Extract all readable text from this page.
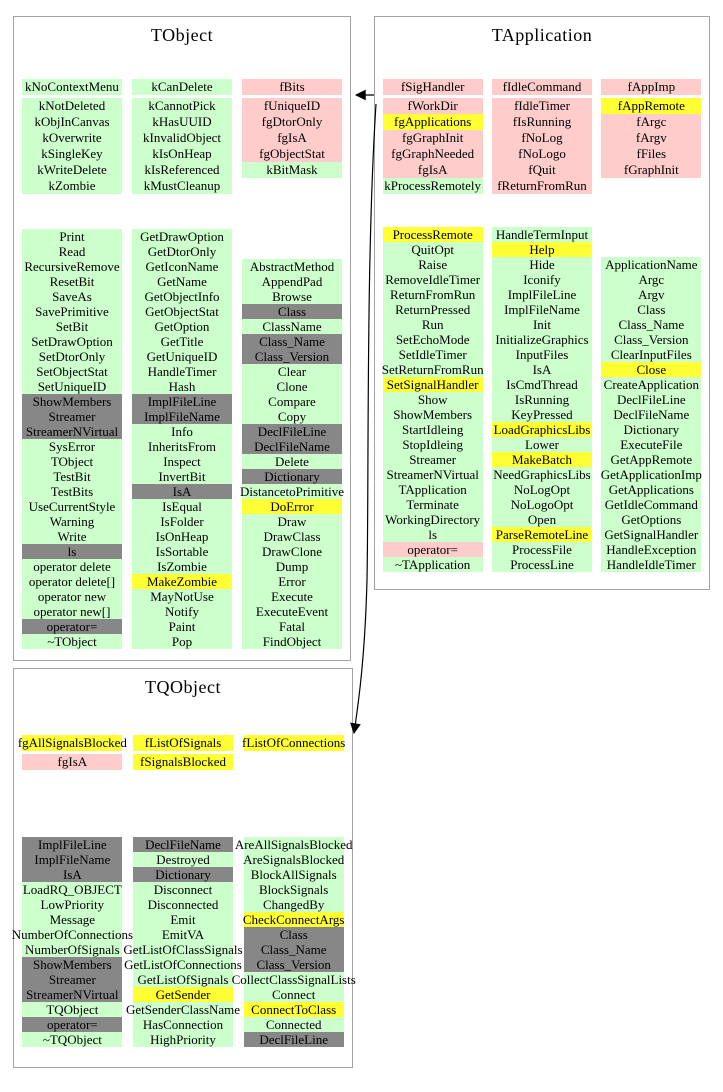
TObject
kNoContextMenu
kNotDeleted
kObjInCanvas
kOverwrite
kSingleKey
kWriteDelete
kZombie
kCanDelete
kCannotPick
kHasUUID
kInvalidObject
kIsOnHeap
kIsReferenced
kMustCleanup
fBits
fUniqueID
fgDtorOnly
fgIsA
fgObjectStat
kBitMask
Print
Read
RecursiveRemove
ResetBit
SaveAs
SavePrimitive
SetBit
SetDrawOption
SetDtorOnly
SetObjectStat
SetUniqueID
ShowMembers
Streamer
StreamerNVirtual
SysError
TObject
TestBit
TestBits
UseCurrentStyle
Warning
Write
ls
operator delete
operator delete[]
operator new
operator new[]
operator=
~TObject
GetDrawOption
GetDtorOnly
GetIconName
GetName
GetObjectInfo
GetObjectStat
GetOption
GetTitle
GetUniqueID
HandleTimer
Hash
ImplFileLine
ImplFileName
Info
InheritsFrom
Inspect
InvertBit
IsA
IsEqual
IsFolder
IsOnHeap
IsSortable
IsZombie
MakeZombie
MayNotUse
Notify
Paint
Pop
AbstractMethod
AppendPad
Browse
Class
ClassName
Class_Name
Class_Version
Clear
Clone
Compare
Copy
DeclFileLine
DeclFileName
Delete
Dictionary
DistancetoPrimitive
DoError
Draw
DrawClass
DrawClone
Dump
Error
Execute
ExecuteEvent
Fatal
FindObject
TApplication
fSigHandler
fWorkDir
fgApplications
fgGraphInit
fgGraphNeeded
fgIsA
kProcessRemotely
fIdleCommand
fIdleTimer
fIsRunning
fNoLog
fNoLogo
fQuit
fReturnFromRun
fAppImp
fAppRemote
fArgc
fArgv
fFiles
fGraphInit
ProcessRemote
QuitOpt
Raise
RemoveIdleTimer
ReturnFromRun
ReturnPressed
Run
SetEchoMode
SetIdleTimer
SetReturnFromRun
SetSignalHandler
Show
ShowMembers
StartIdleing
StopIdleing
Streamer
StreamerNVirtual
TApplication
Terminate
WorkingDirectory
ls
operator=
~TApplication
HandleTermInput
Help
Hide
Iconify
ImplFileLine
ImplFileName
Init
InitializeGraphics
InputFiles
IsA
IsCmdThread
IsRunning
KeyPressed
LoadGraphicsLibs
Lower
MakeBatch
NeedGraphicsLibs
NoLogOpt
NoLogoOpt
Open
ParseRemoteLine
ProcessFile
ProcessLine
ApplicationName
Argc
Argv
Class
Class_Name
Class_Version
ClearInputFiles
Close
CreateApplication
DeclFileLine
DeclFileName
Dictionary
ExecuteFile
GetAppRemote
GetApplicationImp
GetApplications
GetIdleCommand
GetOptions
GetSignalHandler
HandleException
HandleIdleTimer
TQObject
fgAllSignalsBlocked
fgIsA
fListOfSignals
fSignalsBlocked
fListOfConnections
ImplFileLine
ImplFileName
IsA
LoadRQ_OBJECT
LowPriority
Message
NumberOfConnections
NumberOfSignals
ShowMembers
Streamer
StreamerNVirtual
TQObject
operator=
~TQObject
DeclFileName
Destroyed
Dictionary
Disconnect
Disconnected
Emit
EmitVA
GetListOfClassSignals
GetListOfConnections
GetListOfSignals
GetSender
GetSenderClassName
HasConnection
HighPriority
AreAllSignalsBlocked
AreSignalsBlocked
BlockAllSignals
BlockSignals
ChangedBy
CheckConnectArgs
Class
Class_Name
Class_Version
CollectClassSignalLists
Connect
ConnectToClass
Connected
DeclFileLine
